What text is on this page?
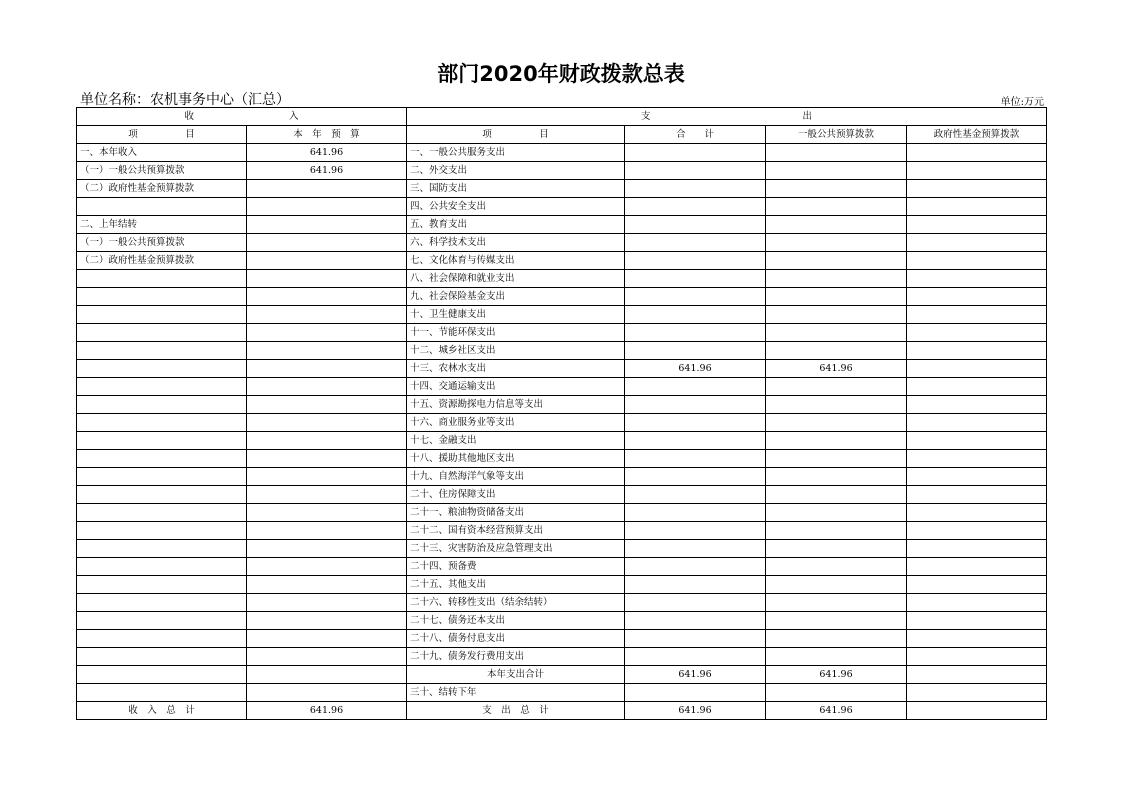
部门2020年财政拨款总表
单位名称：农机事务中心（汇总）	单位:万元
收　　　　　　　　　　入		支　　　　　　　　　　　　　　　　出			
项　　　　　目	本　年　预　算	项　　　　　目	合　　计	一般公共预算拨款	政府性基金预算拨款
一、本年收入	641.96	一、一般公共服务支出			
（一）一般公共预算拨款	641.96	二、外交支出			
（二）政府性基金预算拨款		三、国防支出			
		四、公共安全支出			
二、上年结转		五、教育支出			
（一）一般公共预算拨款		六、科学技术支出			
（二）政府性基金预算拨款		七、文化体育与传媒支出			
		八、社会保障和就业支出			
		九、社会保险基金支出			
		十、卫生健康支出			
		十一、节能环保支出			
		十二、城乡社区支出			
		十三、农林水支出	641.96	641.96	
		十四、交通运输支出			
		十五、资源勘探电力信息等支出			
		十六、商业服务业等支出			
		十七、金融支出			
		十八、援助其他地区支出			
		十九、自然海洋气象等支出			
		二十、住房保障支出			
		二十一、粮油物资储备支出			
		二十二、国有资本经营预算支出			
		二十三、灾害防治及应急管理支出			
		二十四、预备费			
		二十五、其他支出			
		二十六、转移性支出（结余结转）			
		二十七、债务还本支出			
		二十八、债务付息支出			
		二十九、债务发行费用支出			
		本年支出合计	641.96	641.96	
		三十、结转下年			
收　入　总　计	641.96	支　出　总　计	641.96	641.96	
